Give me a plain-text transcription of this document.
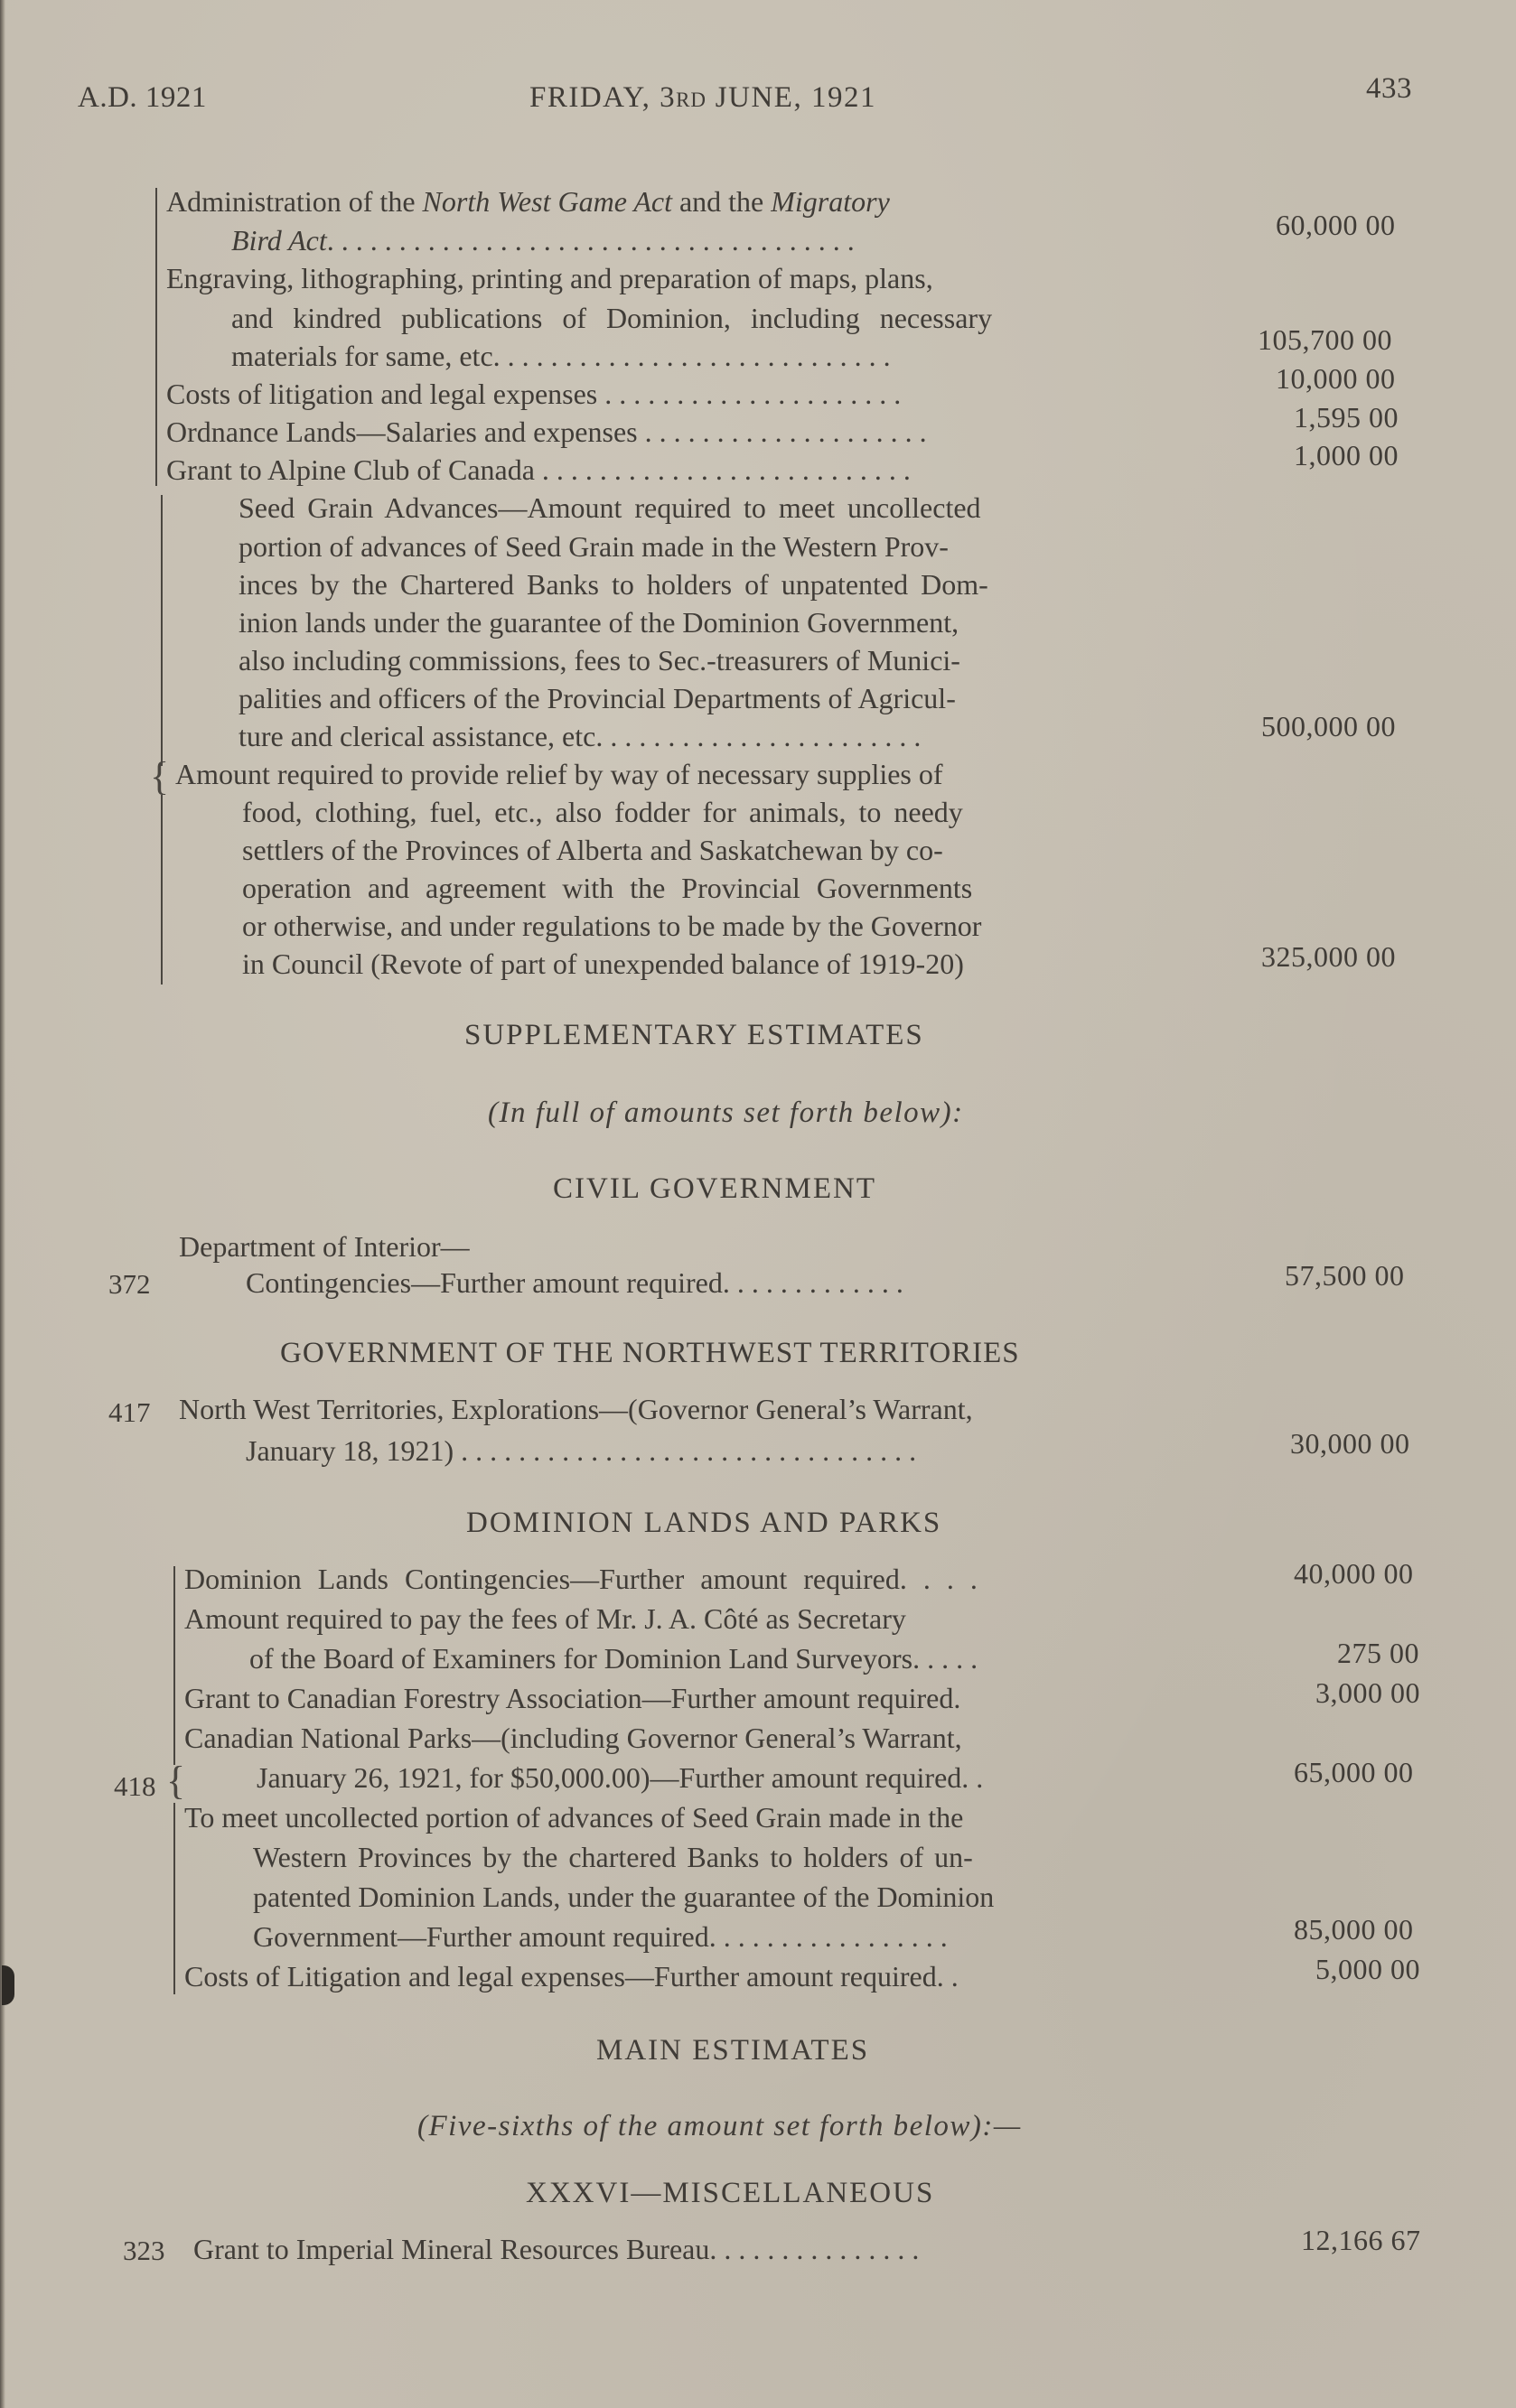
A.D. 1921	FRIDAY, 3RD JUNE, 1921	433
Administration of the North West Game Act and the Migratory
Bird Act. . . . . . . . . . . . . . . . . . . . . . . . . . . . . . . . . . . . .	60,000 00
Engraving, lithographing, printing and preparation of maps, plans,
and kindred publications of Dominion, including necessary
materials for same, etc. . . . . . . . . . . . . . . . . . . . . . . . . . . .	105,700 00
Costs of litigation and legal expenses . . . . . . . . . . . . . . . . . . . . .	10,000 00
Ordnance Lands—Salaries and expenses . . . . . . . . . . . . . . . . . . . .	1,595 00
Grant to Alpine Club of Canada . . . . . . . . . . . . . . . . . . . . . . . . . .	1,000 00
{
Seed Grain Advances—Amount required to meet uncollected
portion of advances of Seed Grain made in the Western Prov-
inces by the Chartered Banks to holders of unpatented Dom-
inion lands under the guarantee of the Dominion Government,
also including commissions, fees to Sec.-treasurers of Munici-
palities and officers of the Provincial Departments of Agricul-
ture and clerical assistance, etc. . . . . . . . . . . . . . . . . . . . . . .	500,000 00
Amount required to provide relief by way of necessary supplies of
food, clothing, fuel, etc., also fodder for animals, to needy
settlers of the Provinces of Alberta and Saskatchewan by co-
operation and agreement with the Provincial Governments
or otherwise, and under regulations to be made by the Governor
in Council (Revote of part of unexpended balance of 1919-20)	325,000 00
SUPPLEMENTARY ESTIMATES
(In full of amounts set forth below):
CIVIL GOVERNMENT
Department of Interior—
372	Contingencies—Further amount required. . . . . . . . . . . . .	57,500 00
GOVERNMENT OF THE NORTHWEST TERRITORIES
417 North West Territories, Explorations—(Governor General’s Warrant,
January 18, 1921) . . . . . . . . . . . . . . . . . . . . . . . . . . . . . . . .	30,000 00
DOMINION LANDS AND PARKS
{
418
Dominion Lands Contingencies—Further amount required. . . .	40,000 00
Amount required to pay the fees of Mr. J. A. Côté as Secretary
of the Board of Examiners for Dominion Land Surveyors. . . . .	275 00
Grant to Canadian Forestry Association—Further amount required.	3,000 00
Canadian National Parks—(including Governor General’s Warrant,
January 26, 1921, for $50,000.00)—Further amount required. .	65,000 00
To meet uncollected portion of advances of Seed Grain made in the
Western Provinces by the chartered Banks to holders of un-
patented Dominion Lands, under the guarantee of the Dominion
Government—Further amount required. . . . . . . . . . . . . . . . .	85,000 00
Costs of Litigation and legal expenses—Further amount required. .	5,000 00
MAIN ESTIMATES
(Five-sixths of the amount set forth below):—
XXXVI—MISCELLANEOUS
323 Grant to Imperial Mineral Resources Bureau. . . . . . . . . . . . . . .	12,166 67
